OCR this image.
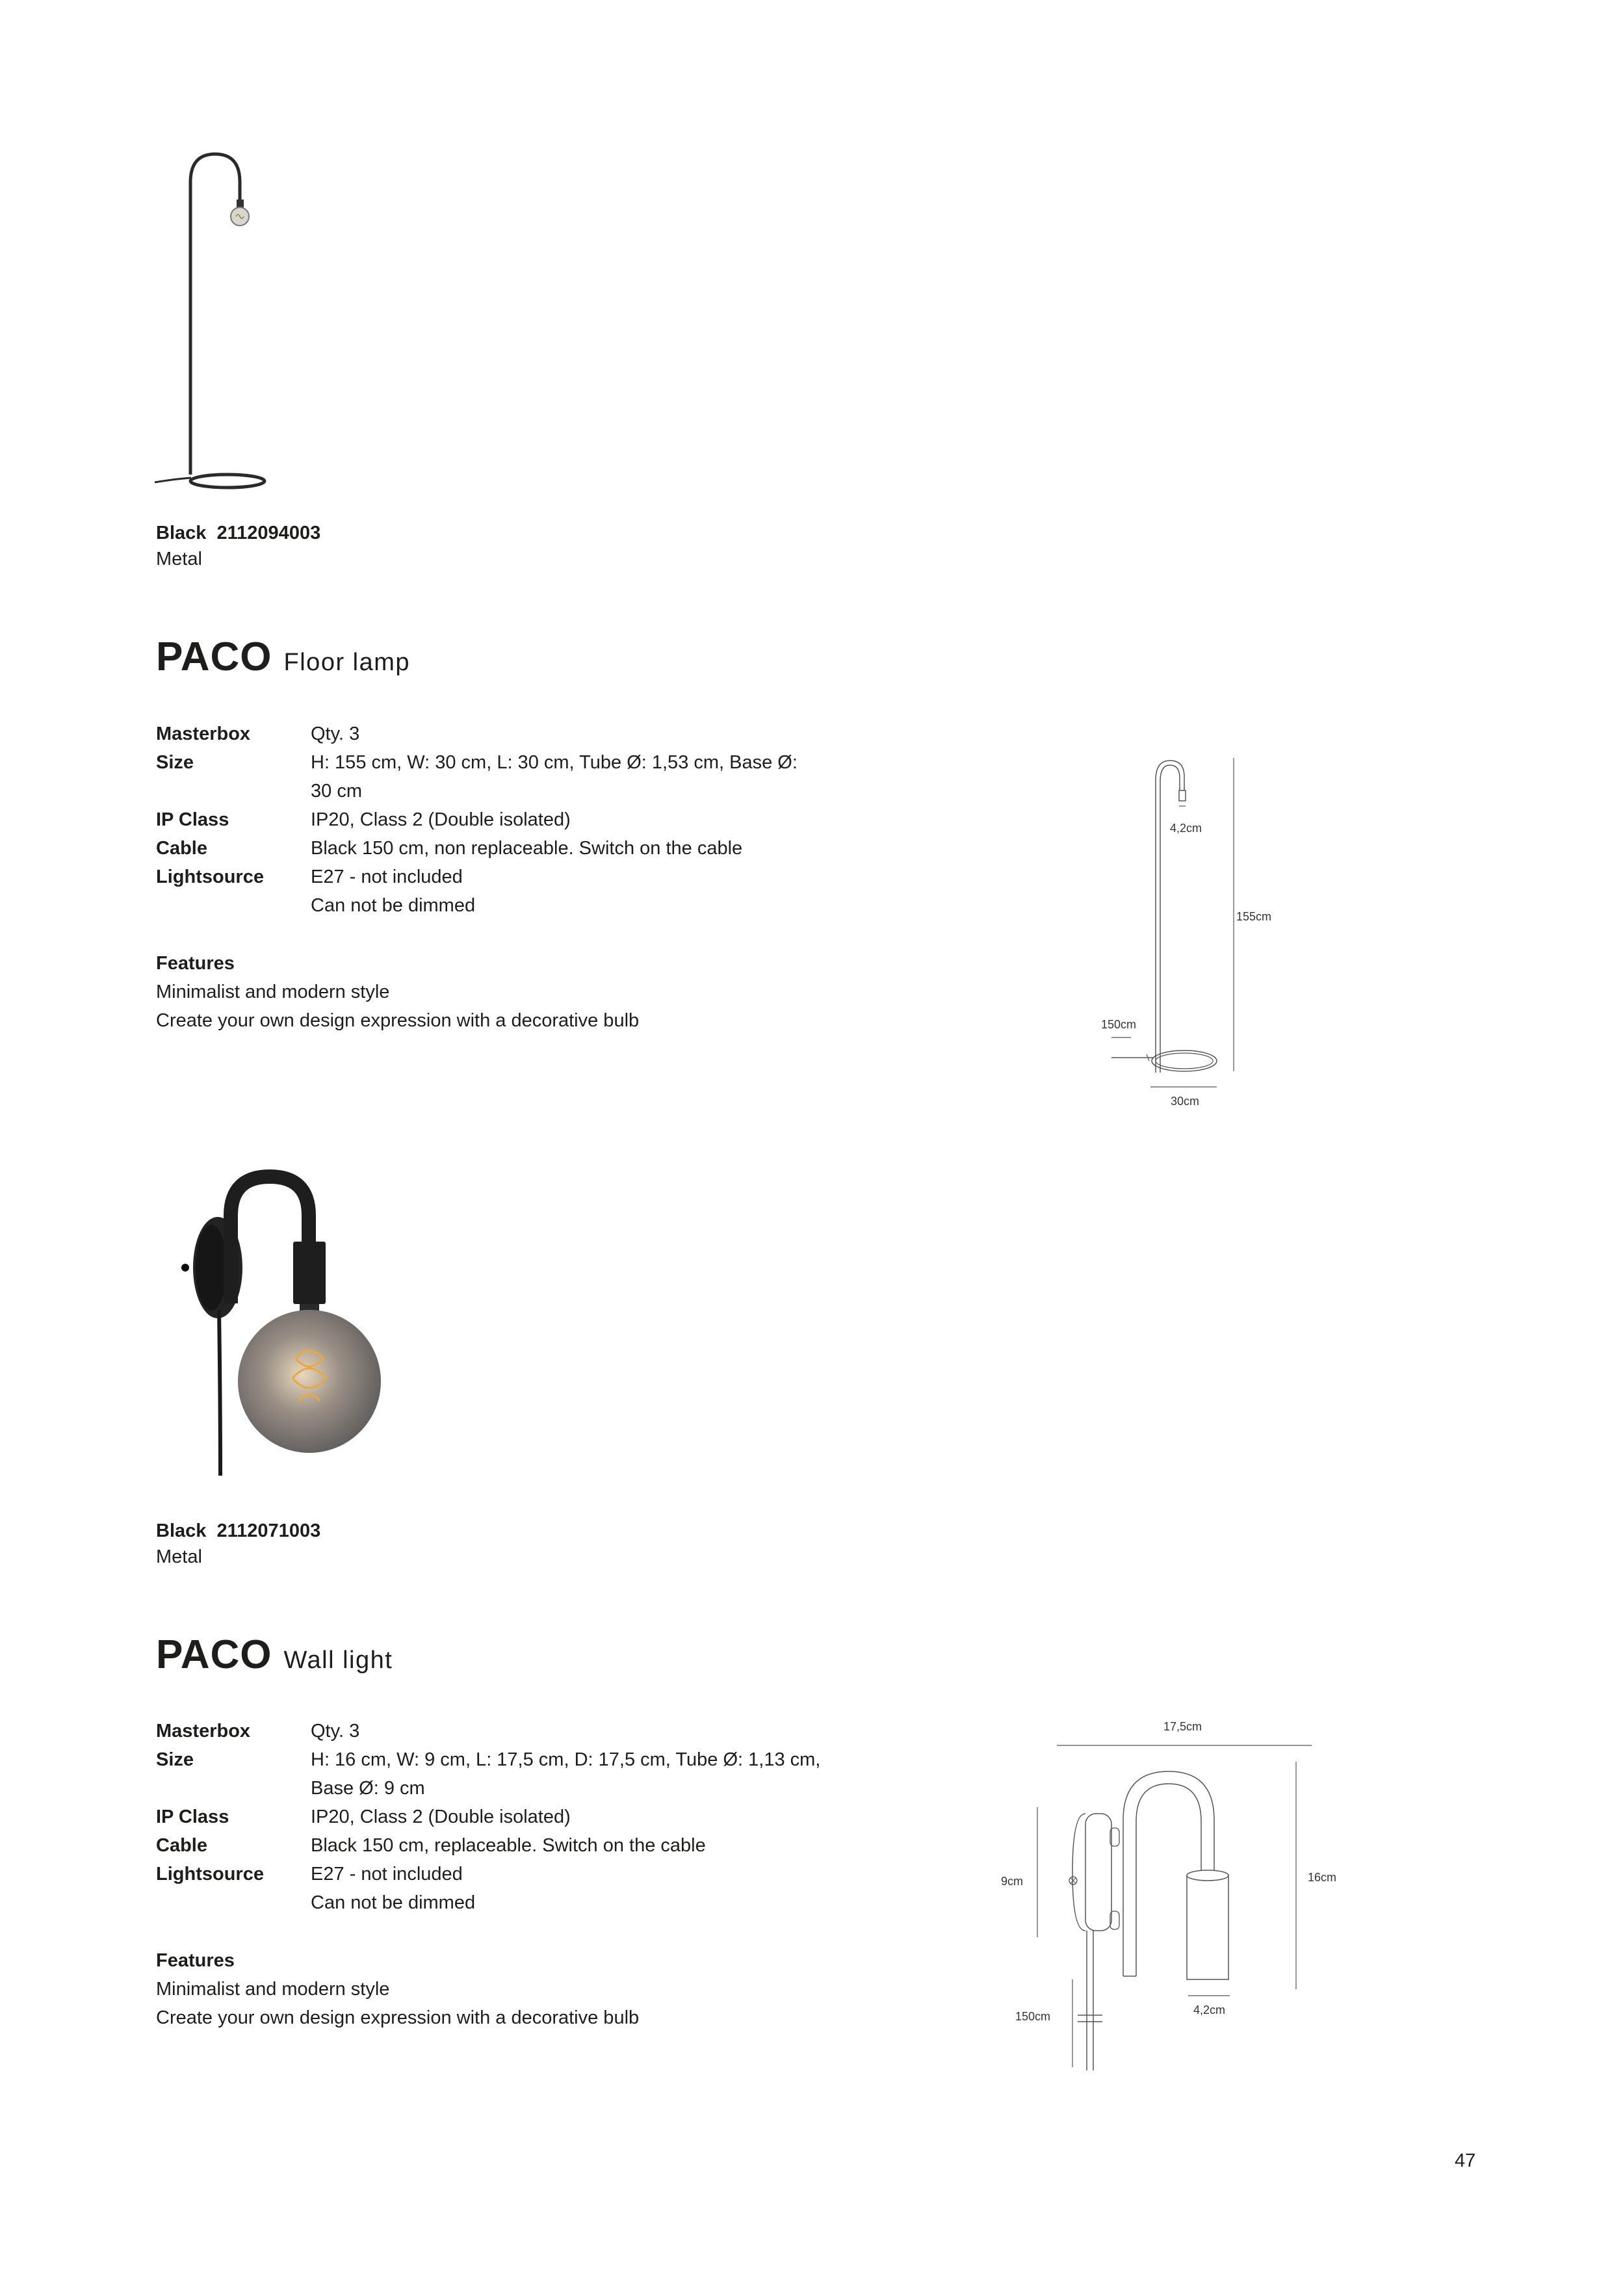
Black 2112094003
Metal
PACO Floor lamp
Masterbox	Qty. 3
Size	H: 155 cm, W: 30 cm, L: 30 cm, Tube Ø: 1,53 cm, Base Ø: 30 cm
IP Class	IP20, Class 2 (Double isolated)
Cable	Black 150 cm, non replaceable. Switch on the cable
Lightsource	E27 - not included
	Can not be dimmed
Features
Minimalist and modern style
Create your own design expression with a decorative bulb
4,2cm
155cm
150cm
30cm
Black 2112071003
Metal
PACO Wall light
Masterbox	Qty. 3
Size	H: 16 cm, W: 9 cm, L: 17,5 cm, D: 17,5 cm, Tube Ø: 1,13 cm, Base Ø: 9 cm
IP Class	IP20, Class 2 (Double isolated)
Cable	Black 150 cm, replaceable. Switch on the cable
Lightsource	E27 - not included
	Can not be dimmed
Features
Minimalist and modern style
Create your own design expression with a decorative bulb
17,5cm
16cm
9cm
4,2cm
150cm
47
